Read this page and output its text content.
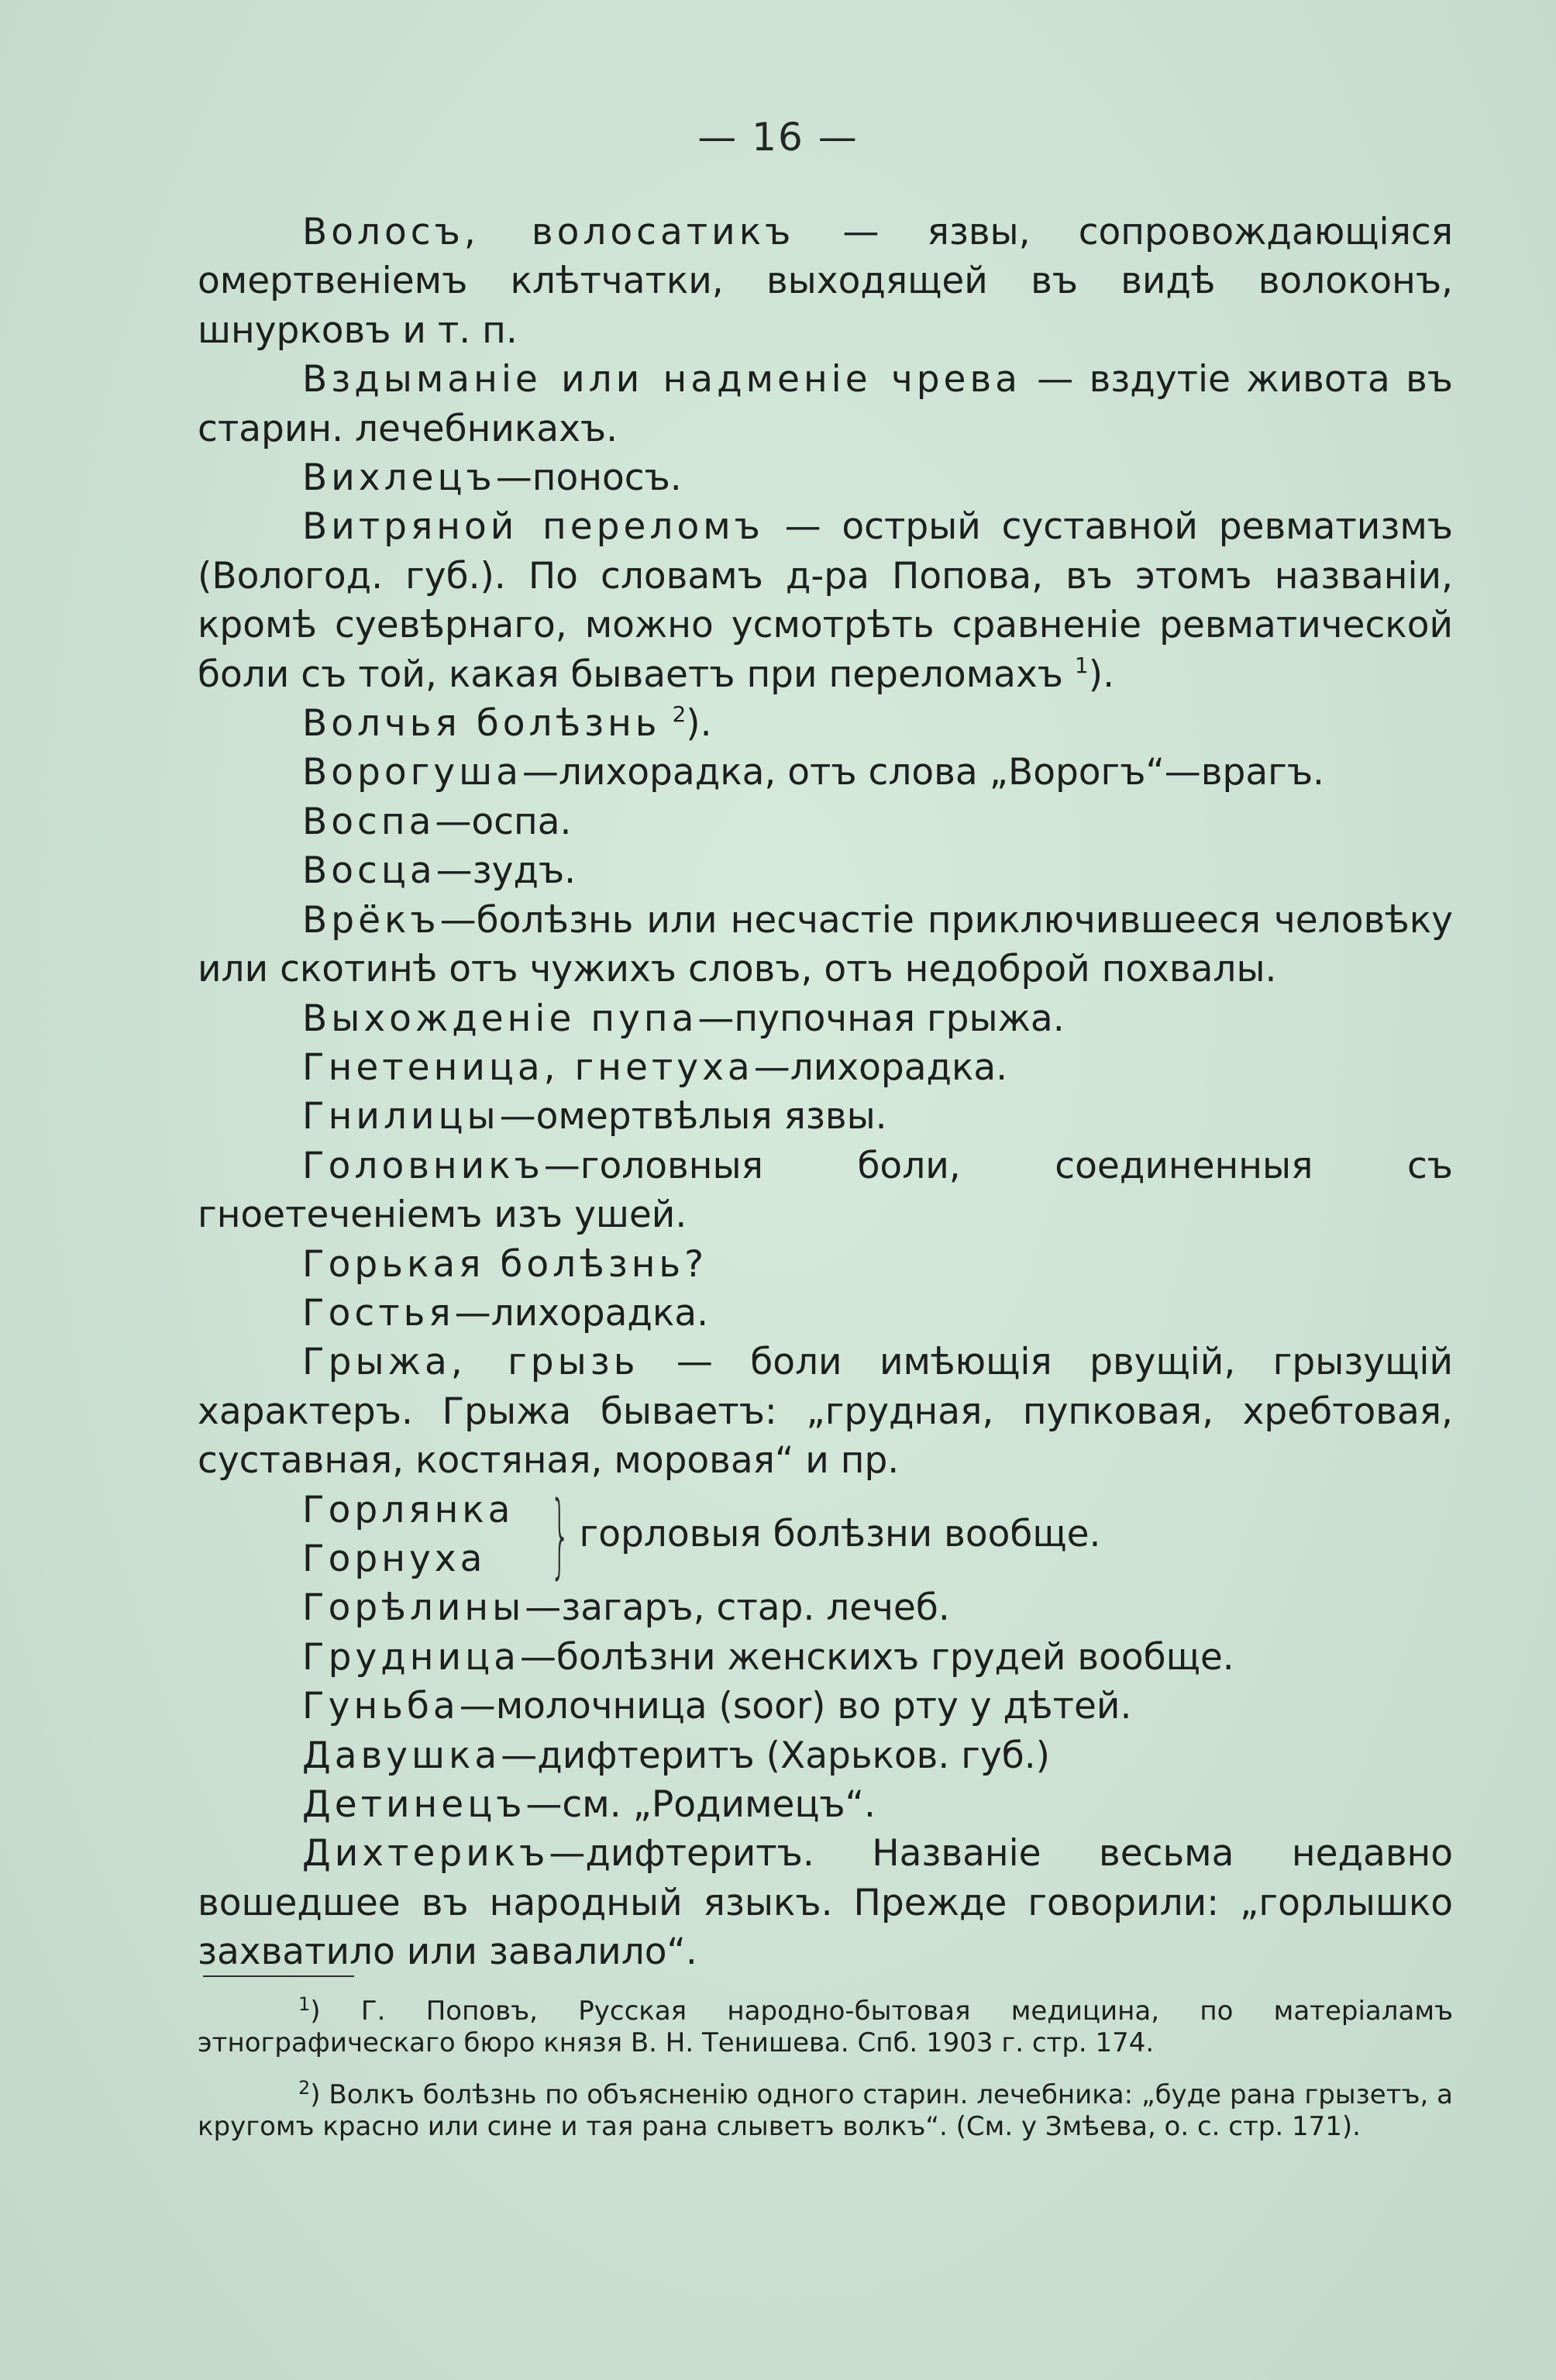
— 16 —

Волосъ, волосатикъ — язвы, сопровождающіяся омертвеніемъ клѣтчатки, выходящей въ видѣ волоконъ, шнурковъ и т. п.

Вздыманіе или надменіе чрева — вздутіе живота въ старин. лечебникахъ.

Вихлецъ—поносъ.

Витряной переломъ — острый суставной ревматизмъ (Вологод. губ.). По словамъ д-ра Попова, въ этомъ названіи, кромѣ суевѣрнаго, можно усмотрѣть сравненіе ревматической боли съ той, какая бываетъ при переломахъ $^1$).

Волчья болѣзнь $^2$).

Ворогуша—лихорадка, отъ слова „Ворогъ“—врагъ.

Воспа—оспа.

Восца—зудъ.

Врёкъ—болѣзнь или несчастіе приключившееся человѣку или скотинѣ отъ чужихъ словъ, отъ недоброй похвалы.

Выхожденіе пупа—пупочная грыжа.

Гнетеница, гнетуха—лихорадка.

Гнилицы—омертвѣлыя язвы.

Головникъ—головныя боли, соединенныя съ гноетеченіемъ изъ ушей.

Горькая болѣзнь?

Гостья—лихорадка.

Грыжа, грызь — боли имѣющія рвущій, грызущій характеръ. Грыжа бываетъ: „грудная, пупковая, хребтовая, суставная, костяная, моровая“ и пр.

Горлянка
Горнуха } горловыя болѣзни вообще.

Горѣлины—загаръ, стар. лечеб.

Грудница—болѣзни женскихъ грудей вообще.

Гуньба—молочница (soor) во рту у дѣтей.

Давушка—дифтеритъ (Харьков. губ.)

Детинецъ—см. „Родимецъ“.

Дихтерикъ—дифтеритъ. Названіе весьма недавно вошедшее въ народный языкъ. Прежде говорили: „горлышко захватило или завалило“.

$^1$) Г. Поповъ, Русская народно-бытовая медицина, по матеріаламъ этнографическаго бюро князя В. Н. Тенишева. Спб. 1903 г. стр. 174.

$^2$) Волкъ болѣзнь по объясненію одного старин. лечебника: „буде рана грызетъ, а кругомъ красно или сине и тая рана слыветъ волкъ“. (См. у Змѣева, о. с. стр. 171).
